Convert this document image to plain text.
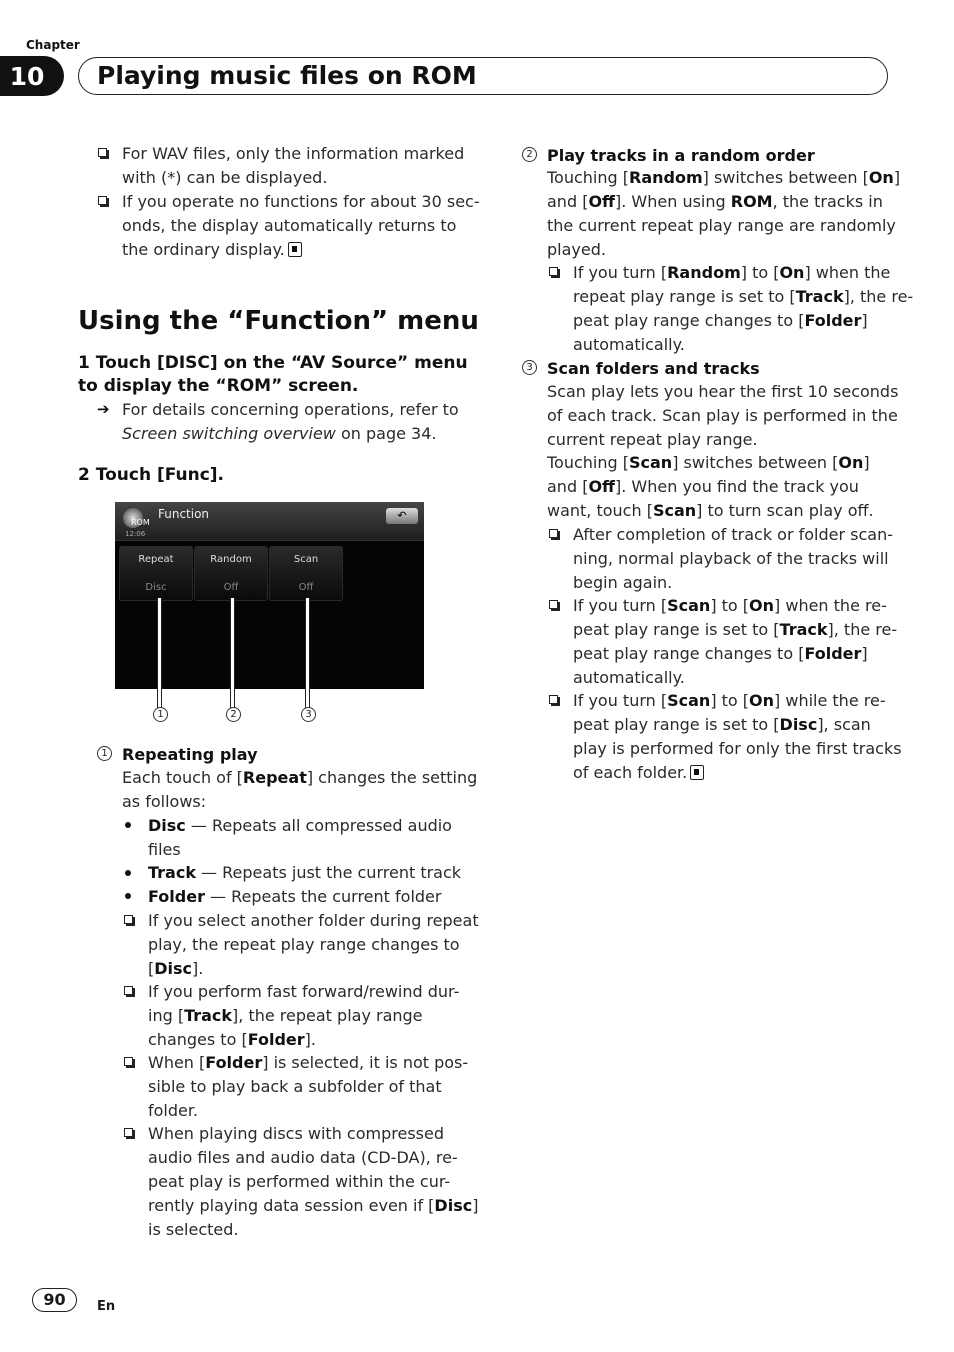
Chapter
10	Playing music files on ROM
For WAV files, only the information marked
with (*) can be displayed.
If you operate no functions for about 30 sec-
onds, the display automatically returns to
the ordinary display.
Using the “Function” menu
1 Touch [DISC] on the “AV Source” menu
to display the “ROM” screen.
➔ For details concerning operations, refer to
Screen switching overview on page 34.
2 Touch [Func].
ROM
12:06
Function	↶
Repeat
Disc
Random
Off
Scan
Off
1	2	3
1 Repeating play
Each touch of [Repeat] changes the setting
as follows:
Disc — Repeats all compressed audio
files
Track — Repeats just the current track
Folder — Repeats the current folder
If you select another folder during repeat
play, the repeat play range changes to
[Disc].
If you perform fast forward/rewind dur-
ing [Track], the repeat play range
changes to [Folder].
When [Folder] is selected, it is not pos-
sible to play back a subfolder of that
folder.
When playing discs with compressed
audio files and audio data (CD-DA), re-
peat play is performed within the cur-
rently playing data session even if [Disc]
is selected.
2 Play tracks in a random order
Touching [Random] switches between [On]
and [Off]. When using ROM, the tracks in
the current repeat play range are randomly
played.
If you turn [Random] to [On] when the
repeat play range is set to [Track], the re-
peat play range changes to [Folder]
automatically.
3 Scan folders and tracks
Scan play lets you hear the first 10 seconds
of each track. Scan play is performed in the
current repeat play range.
Touching [Scan] switches between [On]
and [Off]. When you find the track you
want, touch [Scan] to turn scan play off.
After completion of track or folder scan-
ning, normal playback of the tracks will
begin again.
If you turn [Scan] to [On] when the re-
peat play range is set to [Track], the re-
peat play range changes to [Folder]
automatically.
If you turn [Scan] to [On] while the re-
peat play range is set to [Disc], scan
play is performed for only the first tracks
of each folder.
90	En
